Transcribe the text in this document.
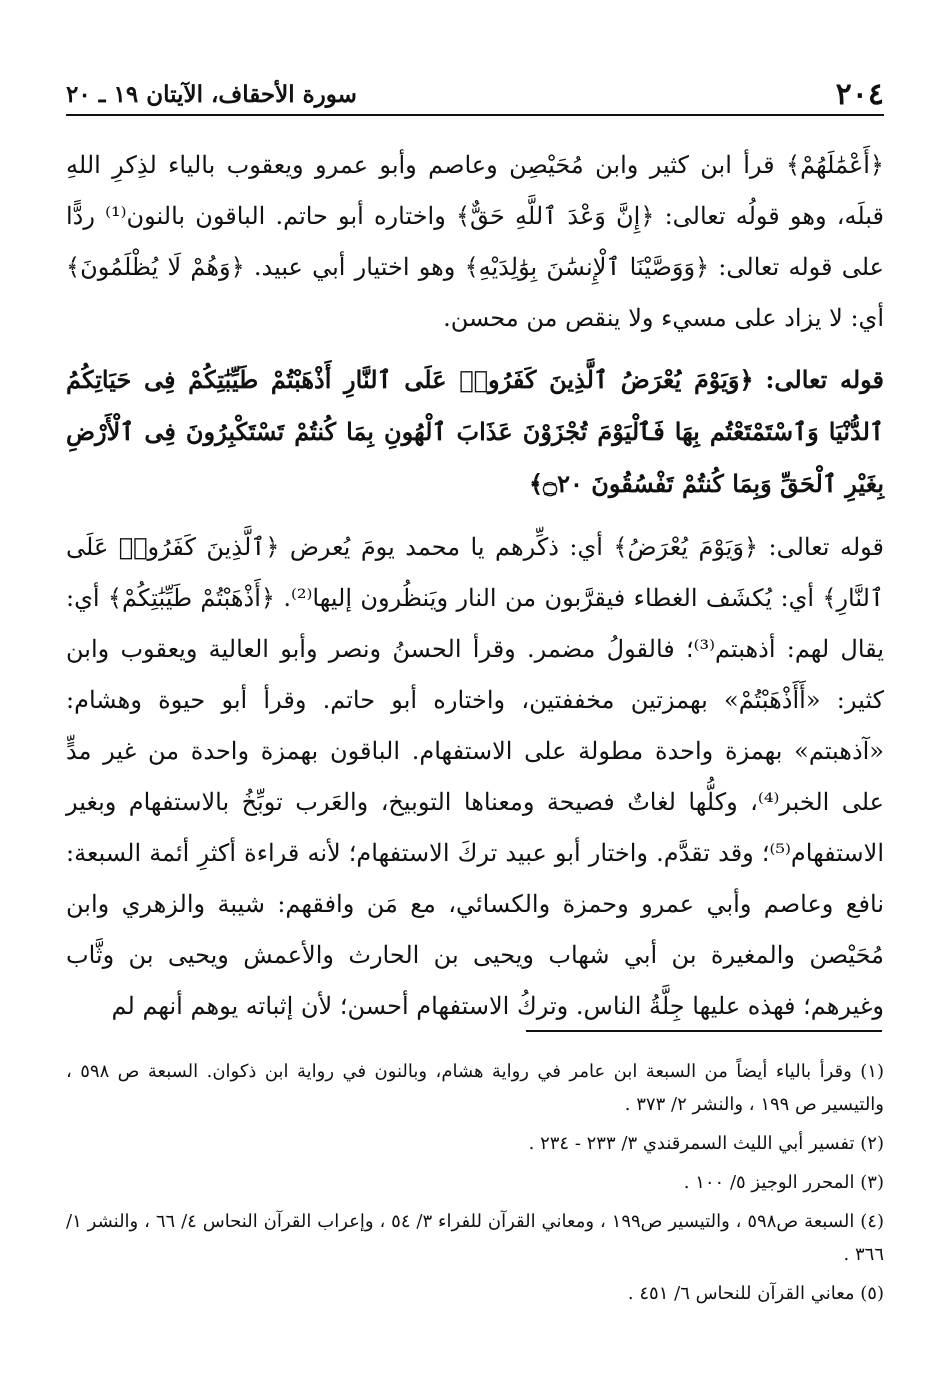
٢٠٤
سورة الأحقاف، الآيتان ١٩ ـ ٢٠

﴿أَعْمَٰلَهُمْ﴾ قرأ ابن كثير وابن مُحَيْصِن وعاصم وأبو عمرو ويعقوب بالياء لذِكرِ اللهِ قبلَه، وهو قولُه تعالى: ﴿إِنَّ وَعْدَ ٱللَّهِ حَقٌّ﴾ واختاره أبو حاتم. الباقون بالنون⁽¹⁾ ردًّا على قوله تعالى: ﴿وَوَصَّيْنَا ٱلْإِنسَٰنَ بِوَٰلِدَيْهِ﴾ وهو اختيار أبي عبيد. ﴿وَهُمْ لَا يُظْلَمُونَ﴾ أي: لا يزاد على مسيء ولا ينقص من محسن.

قوله تعالى: ﴿وَيَوْمَ يُعْرَضُ ٱلَّذِينَ كَفَرُوا۟ عَلَى ٱلنَّارِ أَذْهَبْتُمْ طَيِّبَٰتِكُمْ فِى حَيَاتِكُمُ ٱلدُّنْيَا وَٱسْتَمْتَعْتُم بِهَا فَٱلْيَوْمَ تُجْزَوْنَ عَذَابَ ٱلْهُونِ بِمَا كُنتُمْ تَسْتَكْبِرُونَ فِى ٱلْأَرْضِ بِغَيْرِ ٱلْحَقِّ وَبِمَا كُنتُمْ تَفْسُقُونَ ۝٢٠﴾

قوله تعالى: ﴿وَيَوْمَ يُعْرَضُ﴾ أي: ذكِّرهم يا محمد يومَ يُعرض ﴿ٱلَّذِينَ كَفَرُوا۟ عَلَى ٱلنَّارِ﴾ أي: يُكشَف الغطاء فيقرَّبون من النار ويَنظُرون إليها⁽²⁾. ﴿أَذْهَبْتُمْ طَيِّبَٰتِكُمْ﴾ أي: يقال لهم: أذهبتم⁽³⁾؛ فالقولُ مضمر. وقرأ الحسنُ ونصر وأبو العالية ويعقوب وابن كثير: «أَأَذْهَبْتُمْ» بهمزتين مخففتين، واختاره أبو حاتم. وقرأ أبو حيوة وهشام: «آذهبتم» بهمزة واحدة مطولة على الاستفهام. الباقون بهمزة واحدة من غير مدٍّ على الخبر⁽⁴⁾، وكلُّها لغاتٌ فصيحة ومعناها التوبيخ، والعَرب توبِّخُ بالاستفهام وبغير الاستفهام⁽⁵⁾؛ وقد تقدَّم. واختار أبو عبيد تركَ الاستفهام؛ لأنه قراءة أكثرِ أئمة السبعة: نافع وعاصم وأبي عمرو وحمزة والكسائي، مع مَن وافقهم: شيبة والزهري وابن مُحَيْصن والمغيرة بن أبي شهاب ويحيى بن الحارث والأعمش ويحيى بن وثَّاب وغيرهم؛ فهذه عليها جِلَّةُ الناس. وتركُ الاستفهام أحسن؛ لأن إثباته يوهم أنهم لم

(١) وقرأ بالياء أيضاً من السبعة ابن عامر في رواية هشام، وبالنون في رواية ابن ذكوان. السبعة ص ٥٩٨ ، والتيسير ص ١٩٩ ، والنشر ٢/ ٣٧٣ .

(٢) تفسير أبي الليث السمرقندي ٣/ ٢٣٣ - ٢٣٤ .

(٣) المحرر الوجيز ٥/ ١٠٠ .

(٤) السبعة ص٥٩٨ ، والتيسير ص١٩٩ ، ومعاني القرآن للفراء ٣/ ٥٤ ، وإعراب القرآن النحاس ٤/ ٦٦ ، والنشر ١/ ٣٦٦ .

(٥) معاني القرآن للنحاس ٦/ ٤٥١ .
